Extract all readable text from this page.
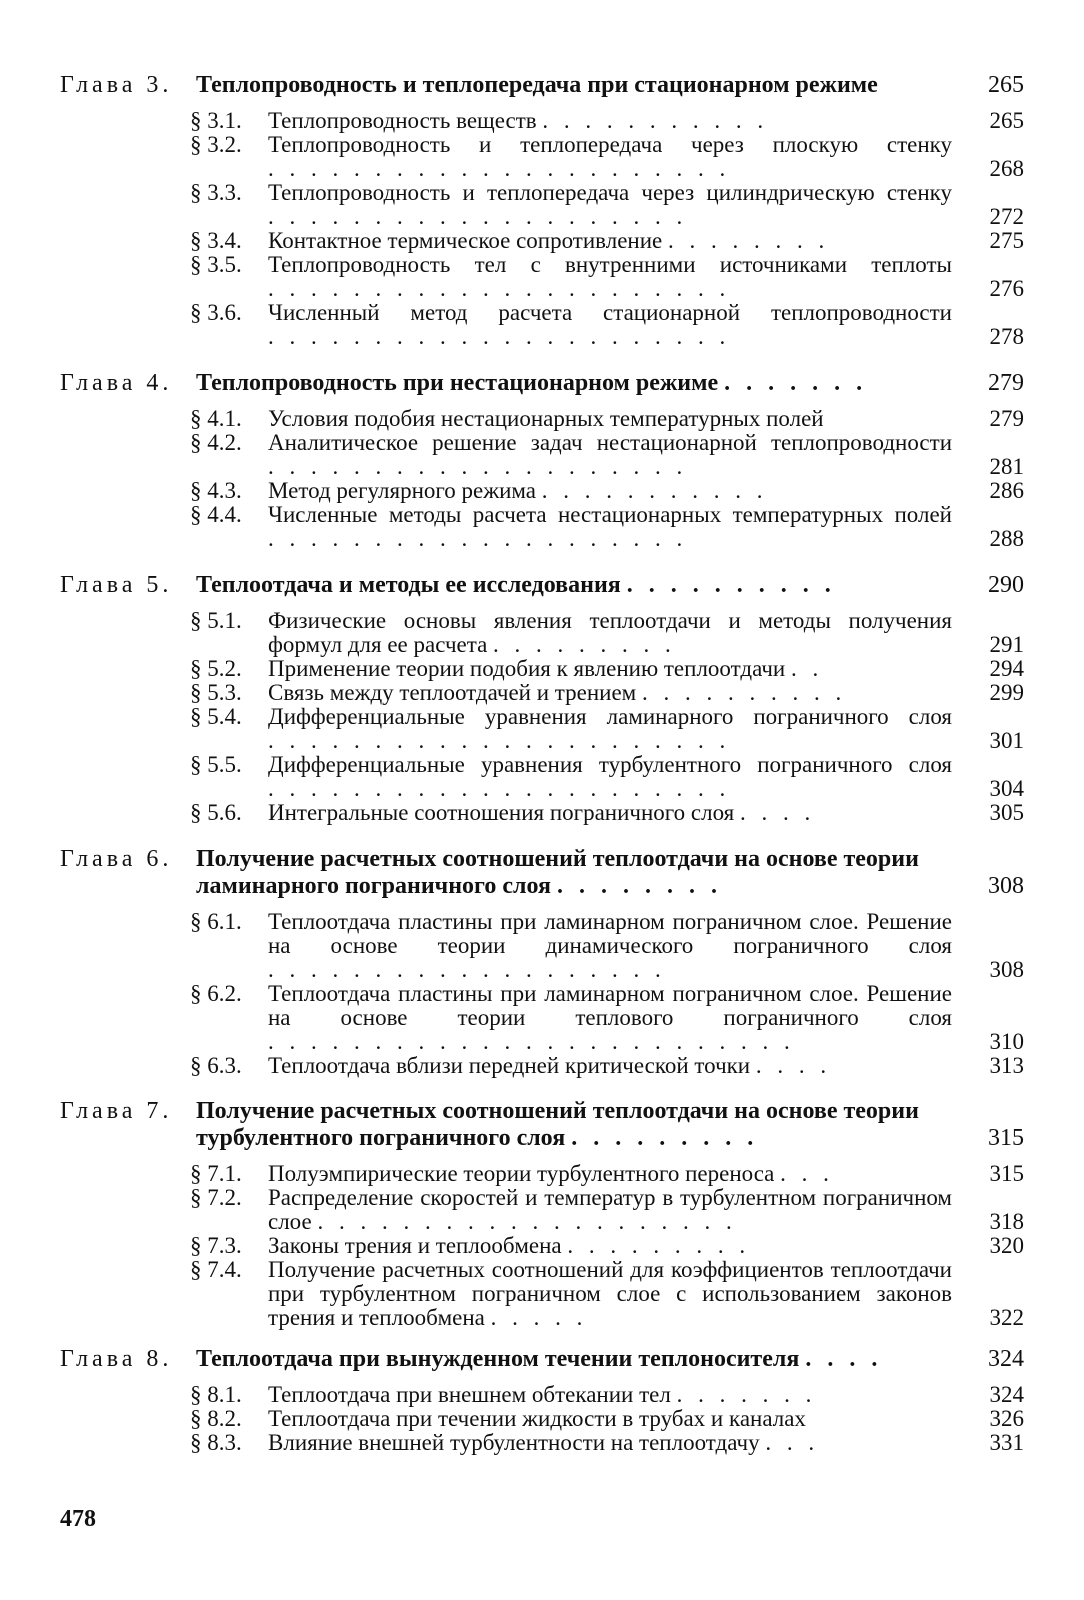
Глава 3. Теплопроводность и теплопередача при стационарном режиме	265
§ 3.1. Теплопроводность веществ . . . . . . . . . . .	265
§ 3.2. Теплопроводность и теплопередача через плоскую стенку . . . . . . . . . . . . . . . . . . . . . .	268
§ 3.3. Теплопроводность и теплопередача через цилиндрическую стенку . . . . . . . . . . . . . . . . . . . .	272
§ 3.4. Контактное термическое сопротивление . . . . . . . .	275
§ 3.5. Теплопроводность тел с внутренними источниками теплоты . . . . . . . . . . . . . . . . . . . . . .	276
§ 3.6. Численный метод расчета стационарной теплопроводности . . . . . . . . . . . . . . . . . . . . . .	278
Глава 4. Теплопроводность при нестационарном режиме . . . . . . .	279
§ 4.1. Условия подобия нестационарных температурных полей	279
§ 4.2. Аналитическое решение задач нестационарной теплопроводности . . . . . . . . . . . . . . . . . . . .	281
§ 4.3. Метод регулярного режима . . . . . . . . . . .	286
§ 4.4. Численные методы расчета нестационарных температурных полей . . . . . . . . . . . . . . . . . . . .	288
Глава 5. Теплоотдача и методы ее исследования . . . . . . . . . .	290
§ 5.1. Физические основы явления теплоотдачи и методы получения формул для ее расчета . . . . . . . . .	291
§ 5.2. Применение теории подобия к явлению теплоотдачи . .	294
§ 5.3. Связь между теплоотдачей и трением . . . . . . . . . .	299
§ 5.4. Дифференциальные уравнения ламинарного пограничного слоя . . . . . . . . . . . . . . . . . . . . . .	301
§ 5.5. Дифференциальные уравнения турбулентного пограничного слоя . . . . . . . . . . . . . . . . . . . . . .	304
§ 5.6. Интегральные соотношения пограничного слоя . . . .	305
Глава 6. Получение расчетных соотношений теплоотдачи на основе теории ламинарного пограничного слоя . . . . . . . .	308
§ 6.1. Теплоотдача пластины при ламинарном пограничном слое. Решение на основе теории динамического пограничного слоя . . . . . . . . . . . . . . . . . . .	308
§ 6.2. Теплоотдача пластины при ламинарном пограничном слое. Решение на основе теории теплового пограничного слоя . . . . . . . . . . . . . . . . . . . . . . . . .	310
§ 6.3. Теплоотдача вблизи передней критической точки . . . .	313
Глава 7. Получение расчетных соотношений теплоотдачи на основе теории турбулентного пограничного слоя . . . . . . . . .	315
§ 7.1. Полуэмпирические теории турбулентного переноса . . .	315
§ 7.2. Распределение скоростей и температур в турбулентном пограничном слое . . . . . . . . . . . . . . . . . . . .	318
§ 7.3. Законы трения и теплообмена . . . . . . . . .	320
§ 7.4. Получение расчетных соотношений для коэффициентов теплоотдачи при турбулентном пограничном слое с использованием законов трения и теплообмена . . . . .	322
Глава 8. Теплоотдача при вынужденном течении теплоносителя . . . .	324
§ 8.1. Теплоотдача при внешнем обтекании тел . . . . . . .	324
§ 8.2. Теплоотдача при течении жидкости в трубах и каналах	326
§ 8.3. Влияние внешней турбулентности на теплоотдачу . . .	331
478
